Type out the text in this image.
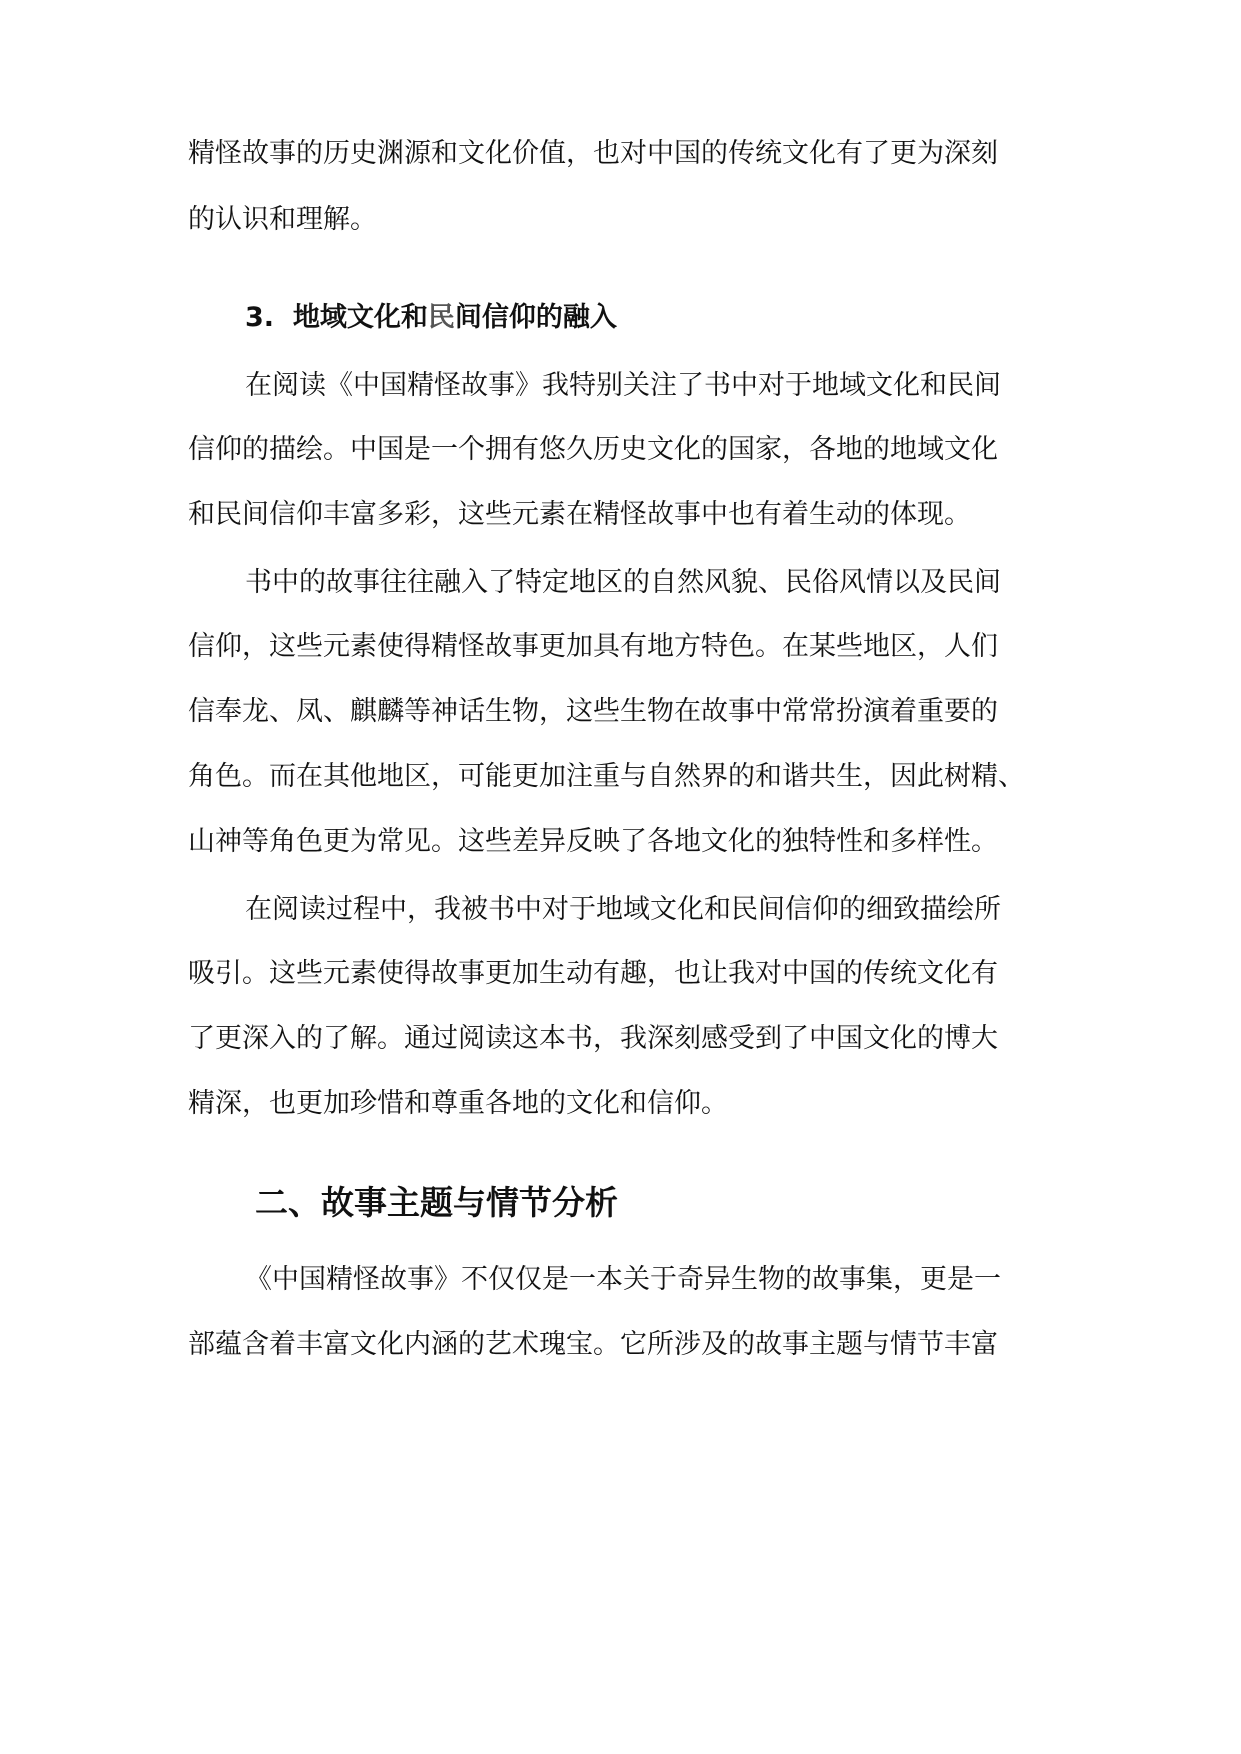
精怪故事的历史渊源和文化价值，也对中国的传统文化有了更为深刻
的认识和理解。
3. 地域文化和民间信仰的融入
在阅读《中国精怪故事》我特别关注了书中对于地域文化和民间
信仰的描绘。中国是一个拥有悠久历史文化的国家，各地的地域文化
和民间信仰丰富多彩，这些元素在精怪故事中也有着生动的体现。
书中的故事往往融入了特定地区的自然风貌、民俗风情以及民间
信仰，这些元素使得精怪故事更加具有地方特色。在某些地区，人们
信奉龙、凤、麒麟等神话生物，这些生物在故事中常常扮演着重要的
角色。而在其他地区，可能更加注重与自然界的和谐共生，因此树精、
山神等角色更为常见。这些差异反映了各地文化的独特性和多样性。
在阅读过程中，我被书中对于地域文化和民间信仰的细致描绘所
吸引。这些元素使得故事更加生动有趣，也让我对中国的传统文化有
了更深入的了解。通过阅读这本书，我深刻感受到了中国文化的博大
精深，也更加珍惜和尊重各地的文化和信仰。
二、故事主题与情节分析
《中国精怪故事》不仅仅是一本关于奇异生物的故事集，更是一
部蕴含着丰富文化内涵的艺术瑰宝。它所涉及的故事主题与情节丰富
